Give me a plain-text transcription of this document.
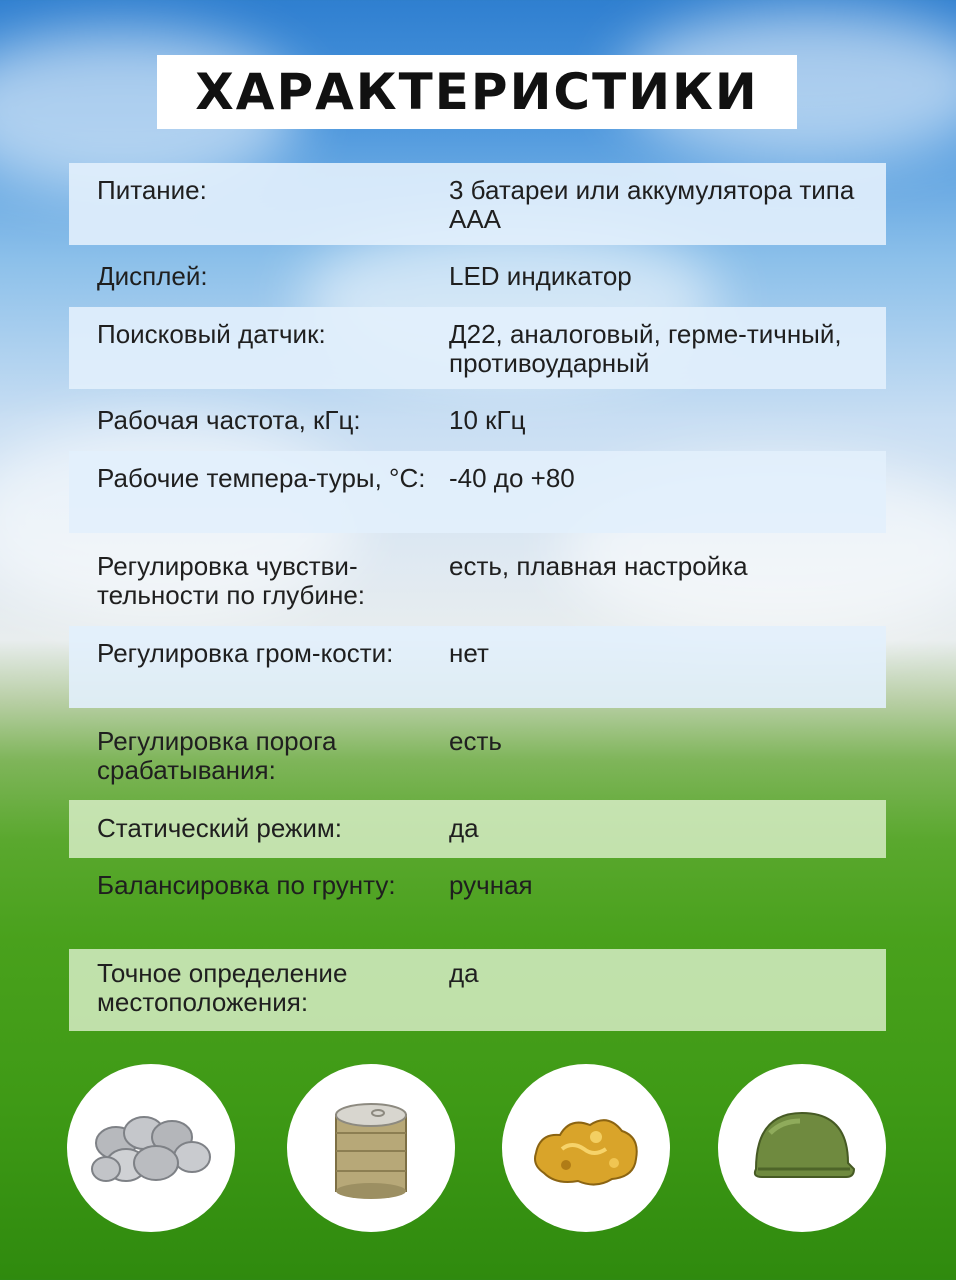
ХАРАКТЕРИСТИКИ
Питание:	3 батареи или аккумулятора типа ААА
Дисплей:	LED индикатор
Поисковый датчик:	Д22, аналоговый, герме-тичный, противоударный
Рабочая частота, кГц:	10 кГц
Рабочие темпера-туры, °С: -40 до +80
Регулировка чувстви-тельности по глубине:
есть, плавная настройка
Регулировка гром-кости:	нет
Регулировка порога срабатывания:
есть
Статический режим:	да
Балансировка по грунту:	ручная
Точное определение местоположения:
да
